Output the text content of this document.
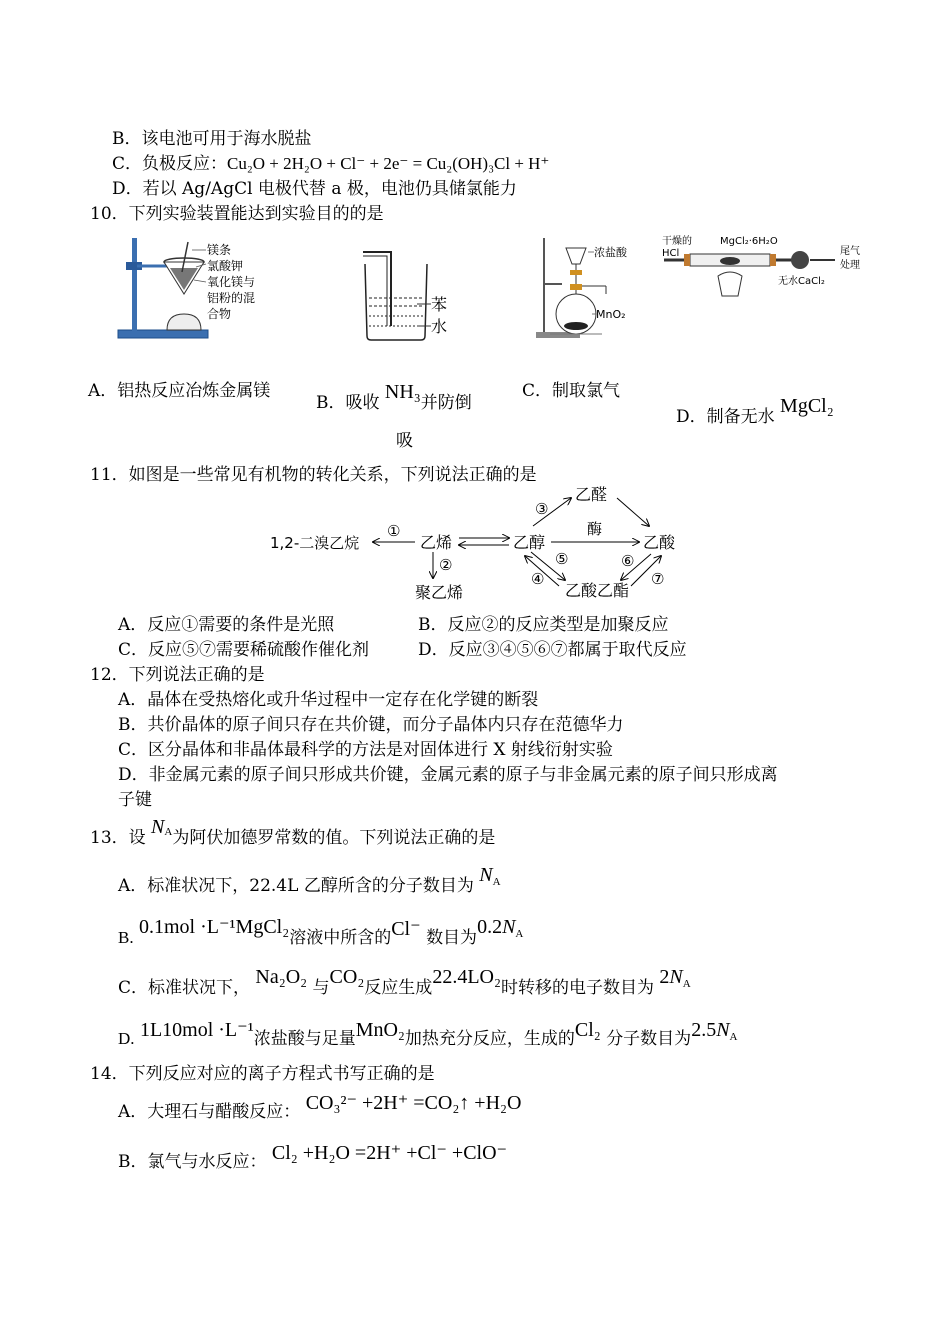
B．该电池可用于海水脱盐
C．负极反应：Cu₂O + 2H₂O + Cl⁻ + 2e⁻ = Cu₂(OH)₃Cl + H⁺
D．若以 Ag/AgCl 电极代替 a 极，电池仍具储氯能力
10．下列实验装置能达到实验目的的是
镁条
氯酸钾
氧化镁与
铝粉的混
合物	苯
水
浓盐酸
MnO₂
干燥的
HCl
MgCl₂·6H₂O
无水CaCl₂
尾气
处理
A．铝热反应冶炼金属镁
B．吸收 NH₃并防倒
吸
C．制取氯气
D．制备无水 MgCl₂
11．如图是一些常见有机物的转化关系，下列说法正确的是
1,2-二溴乙烷	乙烯	乙醇
乙醛
乙酸
乙酸乙酯
聚乙烯
①
②
③
酶
⑤
④
⑥
⑦
A．反应①需要的条件是光照	B．反应②的反应类型是加聚反应
C．反应⑤⑦需要稀硫酸作催化剂	D．反应③④⑤⑥⑦都属于取代反应
12．下列说法正确的是
A．晶体在受热熔化或升华过程中一定存在化学键的断裂
B．共价晶体的原子间只存在共价键，而分子晶体内只存在范德华力
C．区分晶体和非晶体最科学的方法是对固体进行 X 射线衍射实验
D．非金属元素的原子间只形成共价键，金属元素的原子与非金属元素的原子间只形成离
子键
13．设 $N^A$为阿伏加德罗常数的值。下列说法正确的是
A．标准状况下，22.4L 乙醇所含的分子数目为 $N^A$
B. 0.1mol ·L⁻¹MgCl₂溶液中所含的Cl⁻ 数目为$0.2N^A$
C．标准状况下， Na₂O₂ 与CO₂反应生成22.4LO₂时转移的电子数目为 $2N^A$
D. 1L10mol ·L⁻¹浓盐酸与足量MnO₂加热充分反应，生成的Cl₂ 分子数目为$2.5N^A$
14．下列反应对应的离子方程式书写正确的是
A．大理石与醋酸反应： CO₃²⁻ +2H⁺ =CO₂↑ +H₂O
B．氯气与水反应： Cl₂ +H₂O =2H⁺ +Cl⁻ +ClO⁻
